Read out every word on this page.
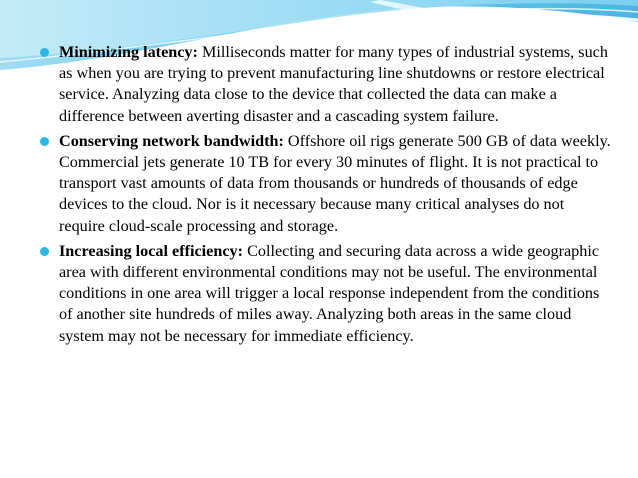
Minimizing latency: Milliseconds matter for many types of industrial systems, such as when you are trying to prevent manufacturing line shutdowns or restore electrical service. Analyzing data close to the device that collected the data can make a difference between averting disaster and a cascading system failure.
Conserving network bandwidth: Offshore oil rigs generate 500 GB of data weekly. Commercial jets generate 10 TB for every 30 minutes of flight. It is not practical to transport vast amounts of data from thousands or hundreds of thousands of edge devices to the cloud. Nor is it necessary because many critical analyses do not require cloud-scale processing and storage.
Increasing local efficiency: Collecting and securing data across a wide geographic area with different environmental conditions may not be useful. The environmental conditions in one area will trigger a local response independent from the conditions of another site hundreds of miles away. Analyzing both areas in the same cloud system may not be necessary for immediate efficiency.
